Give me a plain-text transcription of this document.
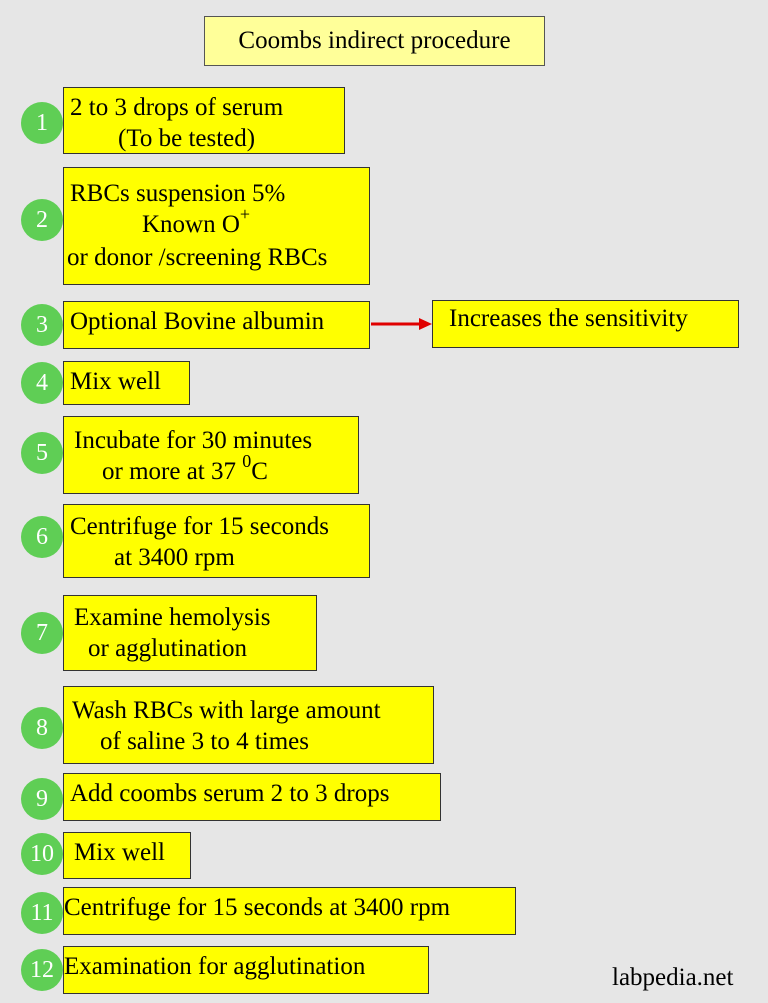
Coombs indirect procedure
1
2 to 3 drops of serum
(To be tested)
2
RBCs suspension 5%
Known O+
or donor /screening RBCs
3 Optional Bovine albumin	Increases the sensitivity
4 Mix well
5	Incubate for 30 minutes
or more at 37 $^0$C
6 Centrifuge for 15 seconds
at 3400 rpm
7
Examine hemolysis
or agglutination
8
Wash RBCs with large amount
of saline 3 to 4 times
9 Add coombs serum 2 to 3 drops
10 Mix well
11 Centrifuge for 15 seconds at 3400 rpm
12 Examination for agglutination	labpedia.net
